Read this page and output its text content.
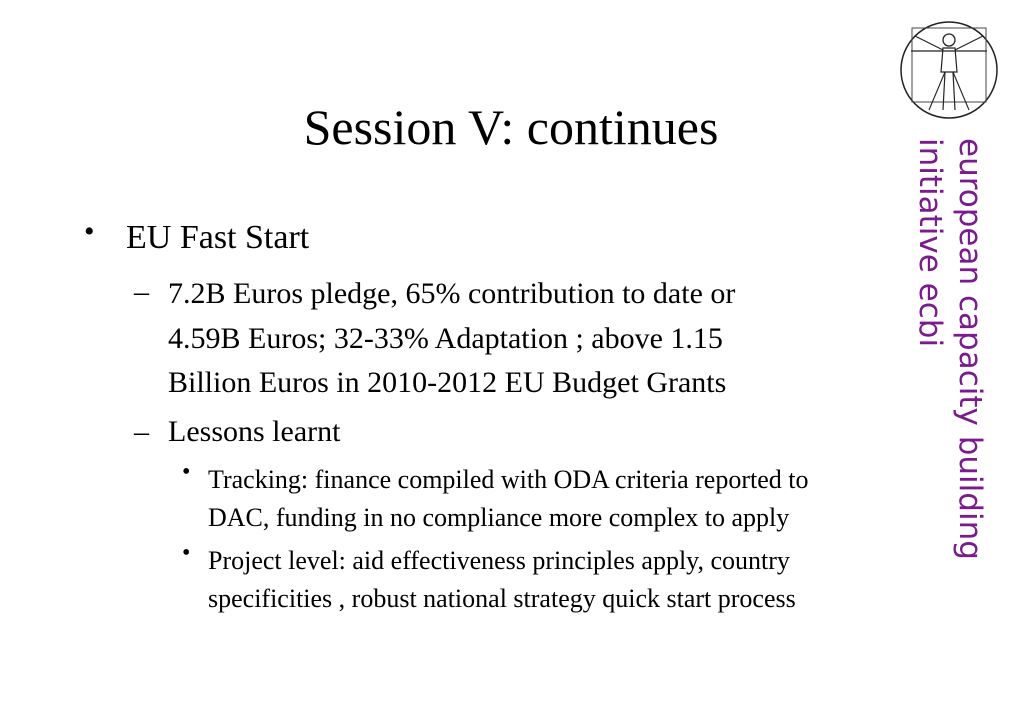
Session V: continues
• EU Fast Start
– 7.2B Euros pledge, 65% contribution to date or
4.59B Euros; 32-33% Adaptation ; above 1.15
Billion Euros in 2010-2012 EU Budget Grants
– Lessons learnt
• Tracking: finance compiled with ODA criteria reported to
DAC, funding in no compliance more complex to apply
• Project level: aid effectiveness principles apply, country
specificities , robust national strategy quick start process
european capacity building
initiative ecbi
